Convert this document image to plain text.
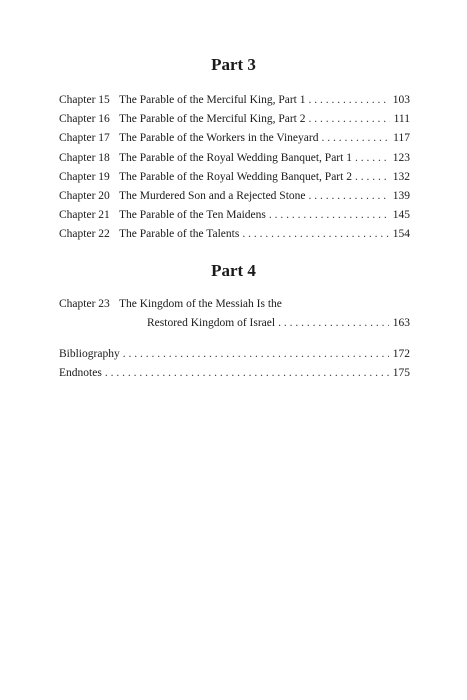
Part 3
Chapter 15 The Parable of the Merciful King, Part 1 . . .	103
Chapter 16 The Parable of the Merciful King, Part 2 . . .	111
Chapter 17 The Parable of the Workers in the Vineyard . . .	117
Chapter 18 The Parable of the Royal Wedding Banquet, Part 1 . . .	123
Chapter 19 The Parable of the Royal Wedding Banquet, Part 2 . . .	132
Chapter 20 The Murdered Son and a Rejected Stone . . .	139
Chapter 21 The Parable of the Ten Maidens . . .	145
Chapter 22 The Parable of the Talents . . .	154
Part 4
Chapter 23 The Kingdom of the Messiah Is the
Restored Kingdom of Israel . . .	163
Bibliography . . .	172
Endnotes . . .	175
